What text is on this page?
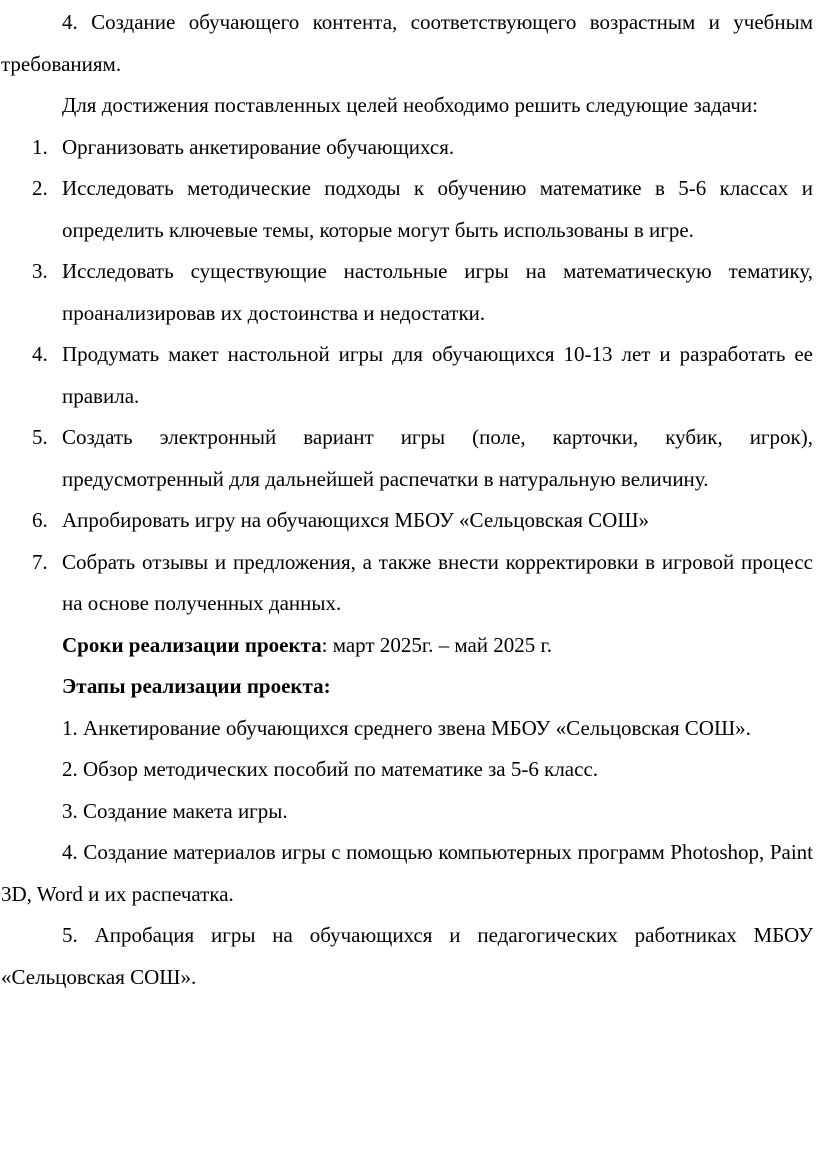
4. Создание обучающего контента, соответствующего возрастным и учебным требованиям.

Для достижения поставленных целей необходимо решить следующие задачи:

1. Организовать анкетирование обучающихся.
2. Исследовать методические подходы к обучению математике в 5-6 классах и определить ключевые темы, которые могут быть использованы в игре.
3. Исследовать существующие настольные игры на математическую тематику, проанализировав их достоинства и недостатки.
4. Продумать макет настольной игры для обучающихся 10-13 лет и разработать ее правила.
5. Создать электронный вариант игры (поле, карточки, кубик, игрок), предусмотренный для дальнейшей распечатки в натуральную величину.
6. Апробировать игру на обучающихся МБОУ «Сельцовская СОШ»
7. Собрать отзывы и предложения, а также внести корректировки в игровой процесс на основе полученных данных.

Сроки реализации проекта: март 2025г. – май 2025 г.

Этапы реализации проекта:

1. Анкетирование обучающихся среднего звена МБОУ «Сельцовская СОШ».

2. Обзор методических пособий по математике за 5-6 класс.

3. Создание макета игры.

4. Создание материалов игры с помощью компьютерных программ Photoshop, Paint 3D, Word и их распечатка.

5. Апробация игры на обучающихся и педагогических работниках МБОУ «Сельцовская СОШ».
